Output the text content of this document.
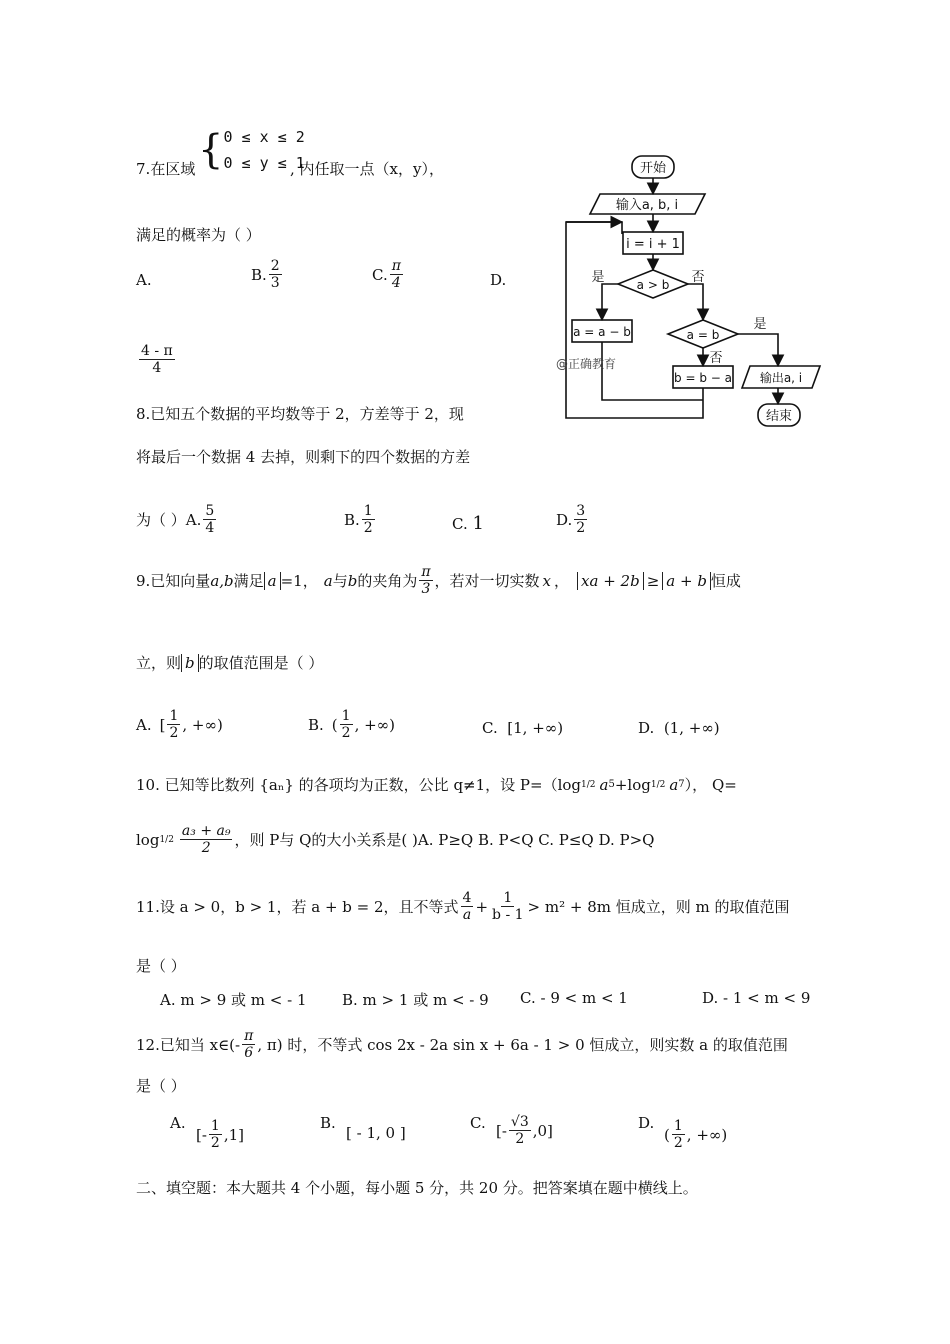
7.在区域 { 0 ≤ x ≤ 2
0 ≤ y ≤ 1
, 内任取一点（x，y），
满足的概率为（ ）
A.	B. $\frac{2}{3}$	C. $\frac{\pi}{4}$	D.
$\frac{4 - \pi}{4}$
开始
输入a, b, i
i = i + 1
a > b
是	否
a = a − b	a = b
是
否
b = b − a 输出a, i
结束
@正确教育
8.已知五个数据的平均数等于 2，方差等于 2，现
将最后一个数据 4 去掉，则剩下的四个数据的方差
为（ ）A. $\frac{5}{4}$	B. $\frac{1}{2}$	C. 1	D. $\frac{3}{2}$
9.已知向量 a,b 满足 a =1， a 与 b 的夹角为 $\frac{\pi}{3}$ ，若对一切实数 x ， xa + 2b ≥ a + b 恒成
立，则 b 的取值范围是（ ）
A. [ $\frac{1}{2}$ , +∞)	B. ( $\frac{1}{2}$ , +∞)	C. [1, +∞)	D. (1, +∞)
10. 已知等比数列 {aₙ} 的各项均为正数，公比 q≠1，设 P=（ log 1/2 a 5 + log 1/2 a 7 ）， Q=
$\log 1/2 \frac{\text{a₃ + a₉}}{2}$ ，则 P与 Q的大小关系是( )A. P≥Q B. P<Q C. P≤Q D. P>Q
11.设 a > 0，b > 1，若 a + b = 2，且不等式 $\frac{4}{a} + \frac{1}{b - 1} > m^2 + 8m$ 恒成立，则 m 的取值范围
是（ ）
A. m > 9 或 m < - 1 B. m > 1 或 m < - 9 C. - 9 < m < 1	D. - 1 < m < 9
12.已知当 x∈(- $\frac{\pi}{6}$ , π) 时，不等式 cos 2x - 2a sin x + 6a - 1 > 0 恒成立，则实数 a 的取值范围
是（ ）
A.
[- $\frac{1}{2} ,1$]
B.
[ - 1, 0 ]
C. [- $\frac{√3}{2} ,0$]	D.
( $\frac{1}{2}$ , +∞)
二、填空题：本大题共 4 个小题，每小题 5 分，共 20 分。把答案填在题中横线上。
